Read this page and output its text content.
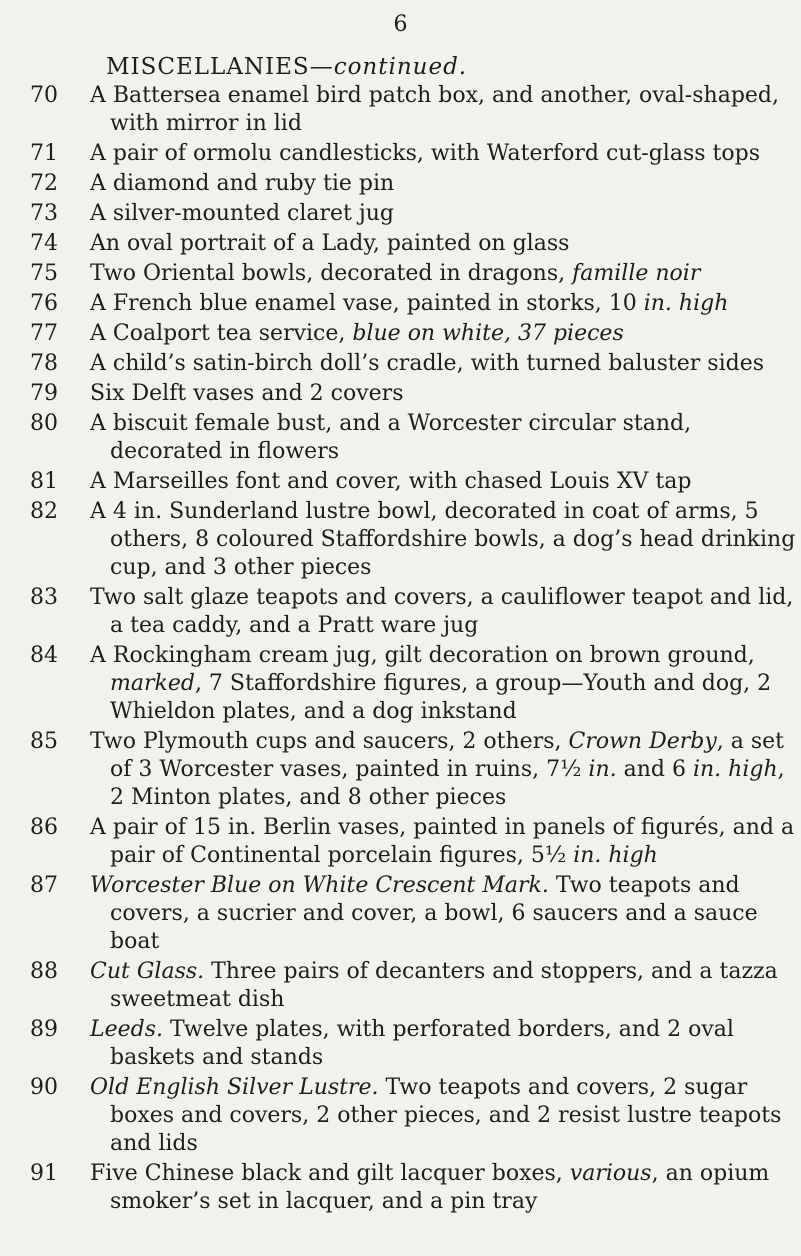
6
MISCELLANIES—continued.
70	A Battersea enamel bird patch box, and another, oval-shaped, with mirror in lid
71	A pair of ormolu candlesticks, with Waterford cut-glass tops
72	A diamond and ruby tie pin
73	A silver-mounted claret jug
74	An oval portrait of a Lady, painted on glass
75	Two Oriental bowls, decorated in dragons, famille noir
76	A French blue enamel vase, painted in storks, 10 in. high
77	A Coalport tea service, blue on white, 37 pieces
78	A child’s satin-birch doll’s cradle, with turned baluster sides
79	Six Delft vases and 2 covers
80	A biscuit female bust, and a Worcester circular stand, decorated in flowers
81	A Marseilles font and cover, with chased Louis XV tap
82	A 4 in. Sunderland lustre bowl, decorated in coat of arms, 5 others, 8 coloured Staffordshire bowls, a dog’s head drinking cup, and 3 other pieces
83	Two salt glaze teapots and covers, a cauliflower teapot and lid, a tea caddy, and a Pratt ware jug
84	A Rockingham cream jug, gilt decoration on brown ground, marked, 7 Staffordshire figures, a group—Youth and dog, 2 Whieldon plates, and a dog inkstand
85	Two Plymouth cups and saucers, 2 others, Crown Derby, a set of 3 Worcester vases, painted in ruins, 7½ in. and 6 in. high, 2 Minton plates, and 8 other pieces
86	A pair of 15 in. Berlin vases, painted in panels of figurés, and a pair of Continental porcelain figures, 5½ in. high
87	Worcester Blue on White Crescent Mark. Two teapots and covers, a sucrier and cover, a bowl, 6 saucers and a sauce boat
88	Cut Glass. Three pairs of decanters and stoppers, and a tazza sweetmeat dish
89	Leeds. Twelve plates, with perforated borders, and 2 oval baskets and stands
90	Old English Silver Lustre. Two teapots and covers, 2 sugar boxes and covers, 2 other pieces, and 2 resist lustre teapots and lids
91	Five Chinese black and gilt lacquer boxes, various, an opium smoker’s set in lacquer, and a pin tray
